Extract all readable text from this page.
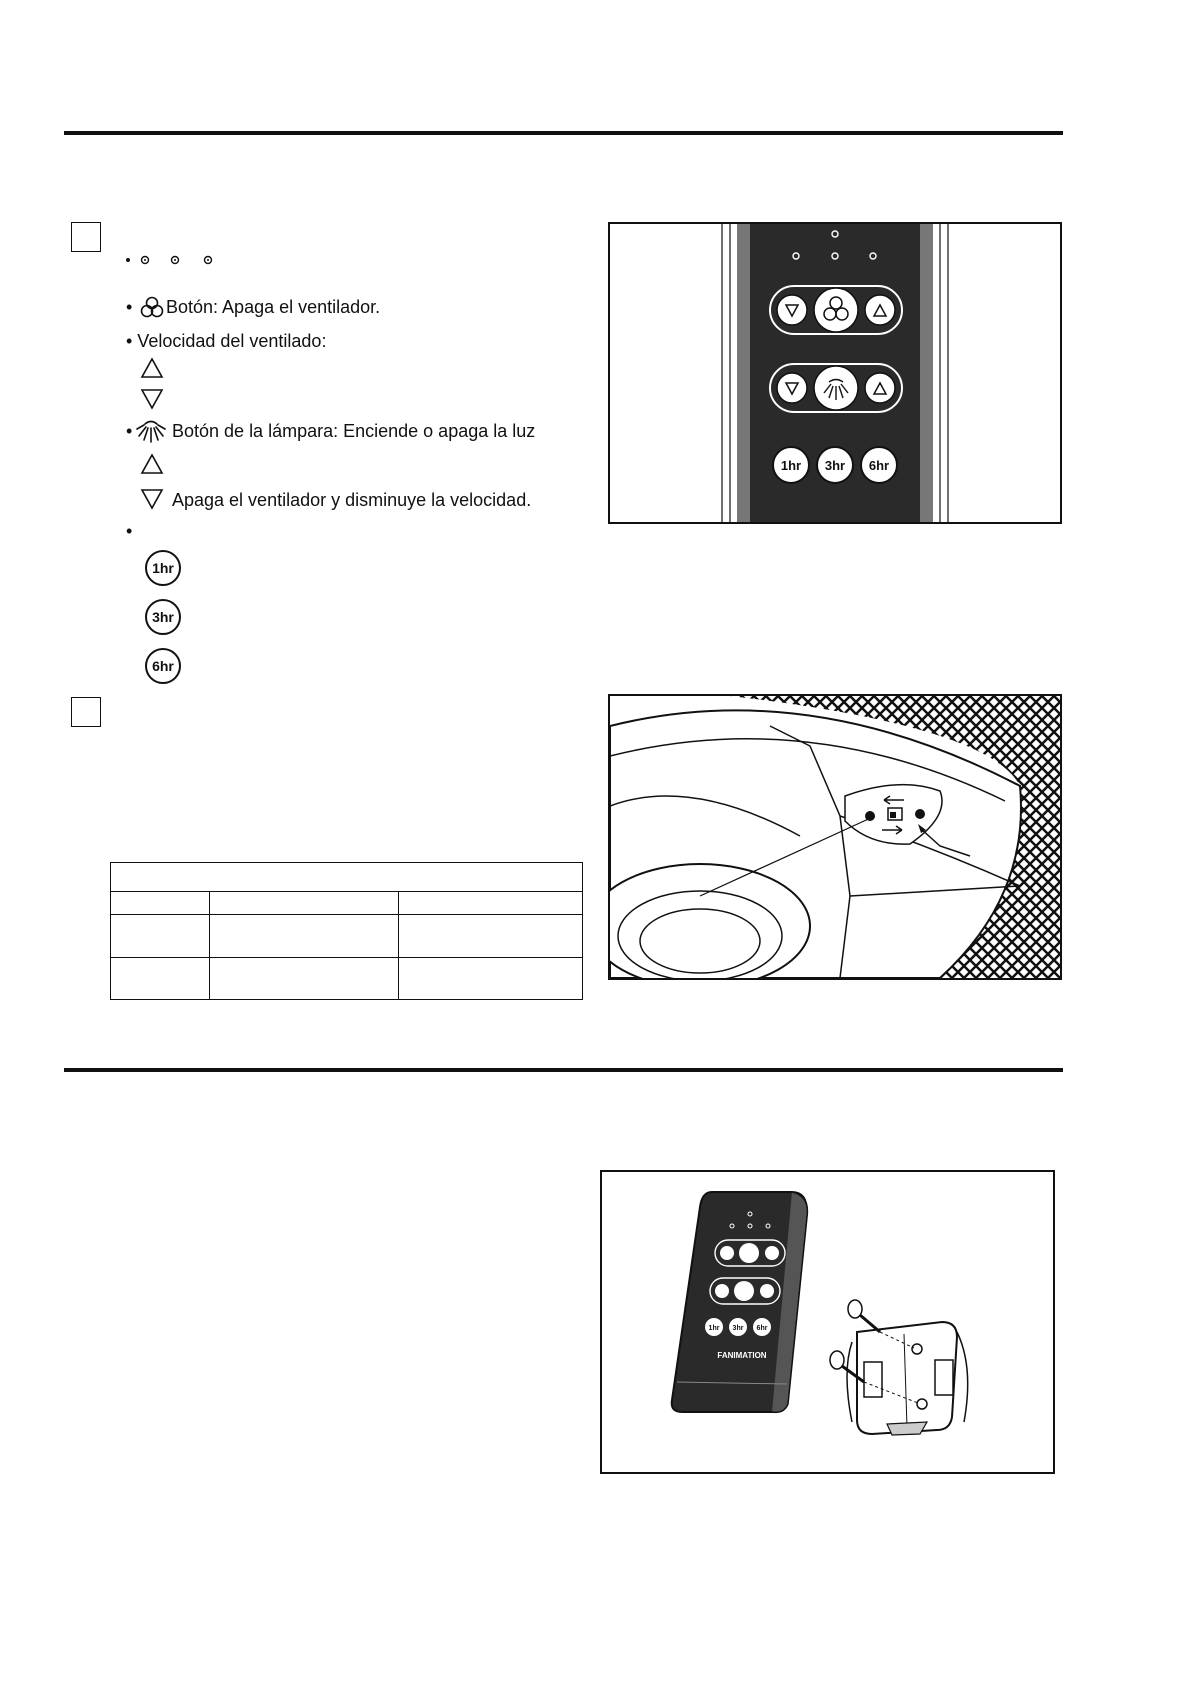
• Botón: Apaga el ventilador.
• Velocidad del ventilado:
• Botón de la lámpara: Enciende o apaga la luz
Apaga el ventilador y disminuye la velocidad.
•
1hr
3hr
6hr
1hr 3hr 6hr

1hr 3hr 6hr
FANIMATION
